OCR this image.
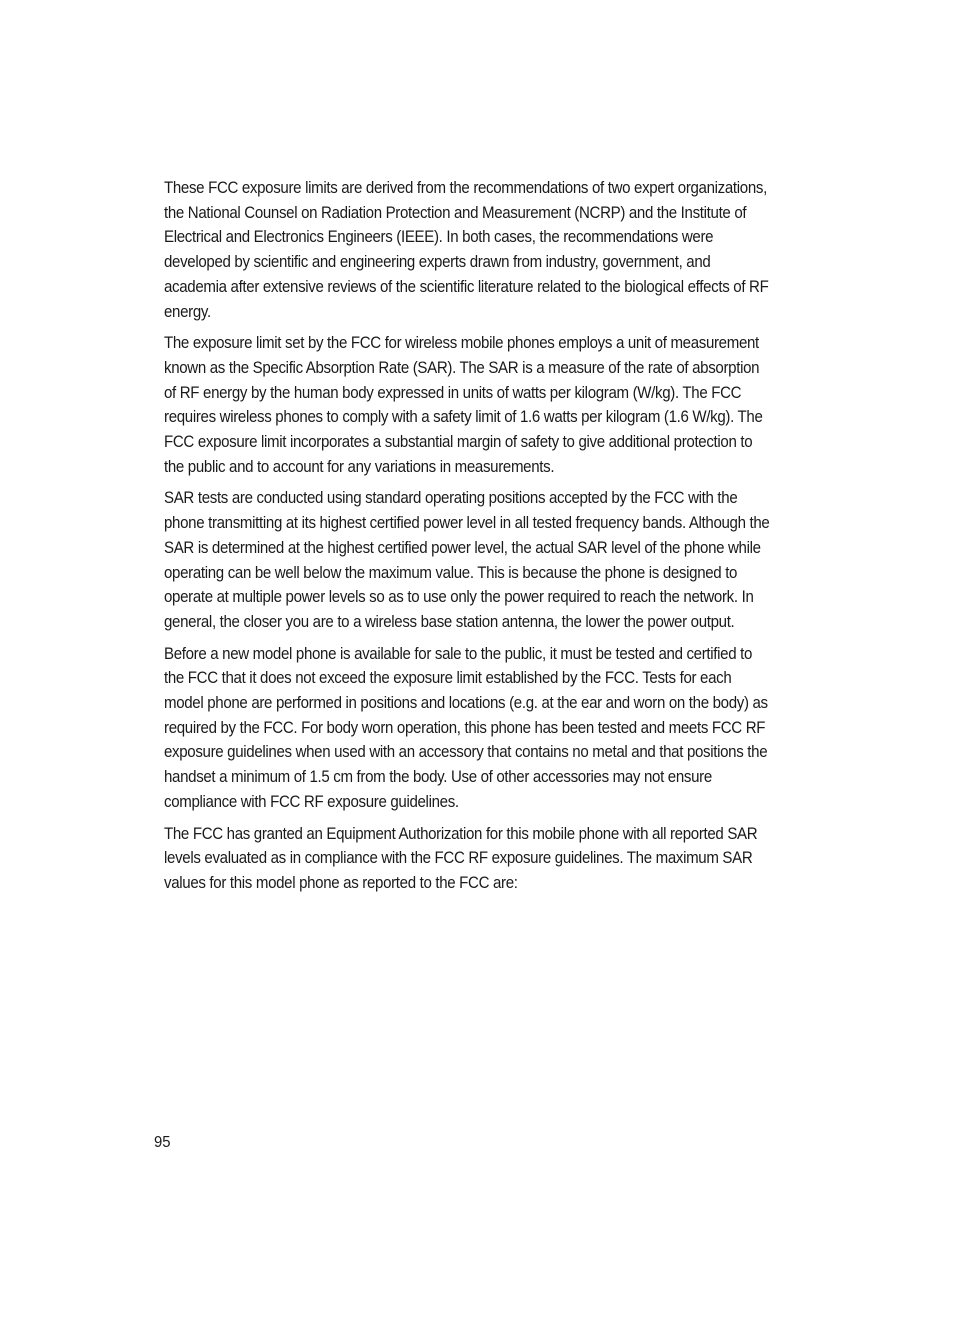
These FCC exposure limits are derived from the recommendations of two expert organizations, the National Counsel on Radiation Protection and Measurement (NCRP) and the Institute of Electrical and Electronics Engineers (IEEE). In both cases, the recommendations were developed by scientific and engineering experts drawn from industry, government, and academia after extensive reviews of the scientific literature related to the biological effects of RF energy.

The exposure limit set by the FCC for wireless mobile phones employs a unit of measurement known as the Specific Absorption Rate (SAR). The SAR is a measure of the rate of absorption of RF energy by the human body expressed in units of watts per kilogram (W/kg). The FCC requires wireless phones to comply with a safety limit of 1.6 watts per kilogram (1.6 W/kg). The FCC exposure limit incorporates a substantial margin of safety to give additional protection to the public and to account for any variations in measurements.

SAR tests are conducted using standard operating positions accepted by the FCC with the phone transmitting at its highest certified power level in all tested frequency bands. Although the SAR is determined at the highest certified power level, the actual SAR level of the phone while operating can be well below the maximum value. This is because the phone is designed to operate at multiple power levels so as to use only the power required to reach the network. In general, the closer you are to a wireless base station antenna, the lower the power output.

Before a new model phone is available for sale to the public, it must be tested and certified to the FCC that it does not exceed the exposure limit established by the FCC. Tests for each model phone are performed in positions and locations (e.g. at the ear and worn on the body) as required by the FCC. For body worn operation, this phone has been tested and meets FCC RF exposure guidelines when used with an accessory that contains no metal and that positions the handset a minimum of 1.5 cm from the body. Use of other accessories may not ensure compliance with FCC RF exposure guidelines.

The FCC has granted an Equipment Authorization for this mobile phone with all reported SAR levels evaluated as in compliance with the FCC RF exposure guidelines. The maximum SAR values for this model phone as reported to the FCC are:

95
